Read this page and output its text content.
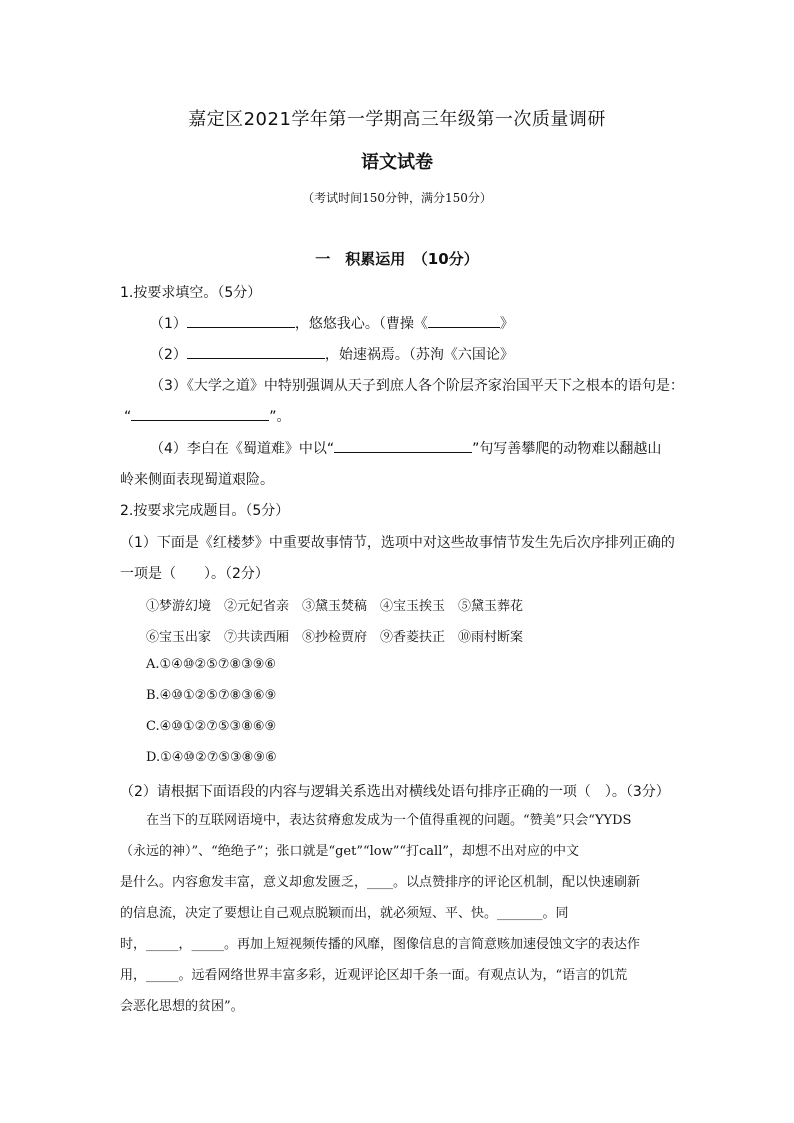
嘉定区2021学年第一学期高三年级第一次质量调研
语文试卷
（考试时间150分钟，满分150分）
一　积累运用　（10分）
1.按要求填空。（5分）
（1）	，悠悠我心。（曹操《	》
（2）	，始速祸焉。（苏洵《六国论》
（3）《大学之道》中特别强调从天子到庶人各个阶层齐家治国平天下之根本的语句是：
“	”。
（4）李白在《蜀道难》中以“	”句写善攀爬的动物难以翻越山
岭来侧面表现蜀道艰险。
2.按要求完成题目。（5分）
（1）下面是《红楼梦》中重要故事情节，选项中对这些故事情节发生先后次序排列正确的
一项是（　　）。（2分）
①梦游幻境　②元妃省亲　③黛玉焚稿　④宝玉挨玉　⑤黛玉葬花
⑥宝玉出家　⑦共读西厢　⑧抄检贾府　⑨香菱扶正　⑩雨村断案
A.①④⑩②⑤⑦⑧③⑨⑥
B.④⑩①②⑤⑦⑧③⑥⑨
C.④⑩①②⑦⑤③⑧⑥⑨
D.①④⑩②⑦⑤③⑧⑨⑥
（2）请根据下面语段的内容与逻辑关系选出对横线处语句排序正确的一项（　）。（3分）

　　在当下的互联网语境中，表达贫瘠愈发成为一个值得重视的问题。“赞美”只会“YYDS

（永远的神）”、“绝绝子”；张口就是“get”“low”“打call”，却想不出对应的中文

是什么。内容愈发丰富，意义却愈发匮乏，____。以点赞排序的评论区机制，配以快速刷新

的信息流，决定了要想让自己观点脱颖而出，就必须短、平、快。_______。同

时，_____，_____。再加上短视频传播的风靡，图像信息的言简意赅加速侵蚀文字的表达作

用，_____。远看网络世界丰富多彩，近观评论区却千条一面。有观点认为，“语言的饥荒

会恶化思想的贫困”。
